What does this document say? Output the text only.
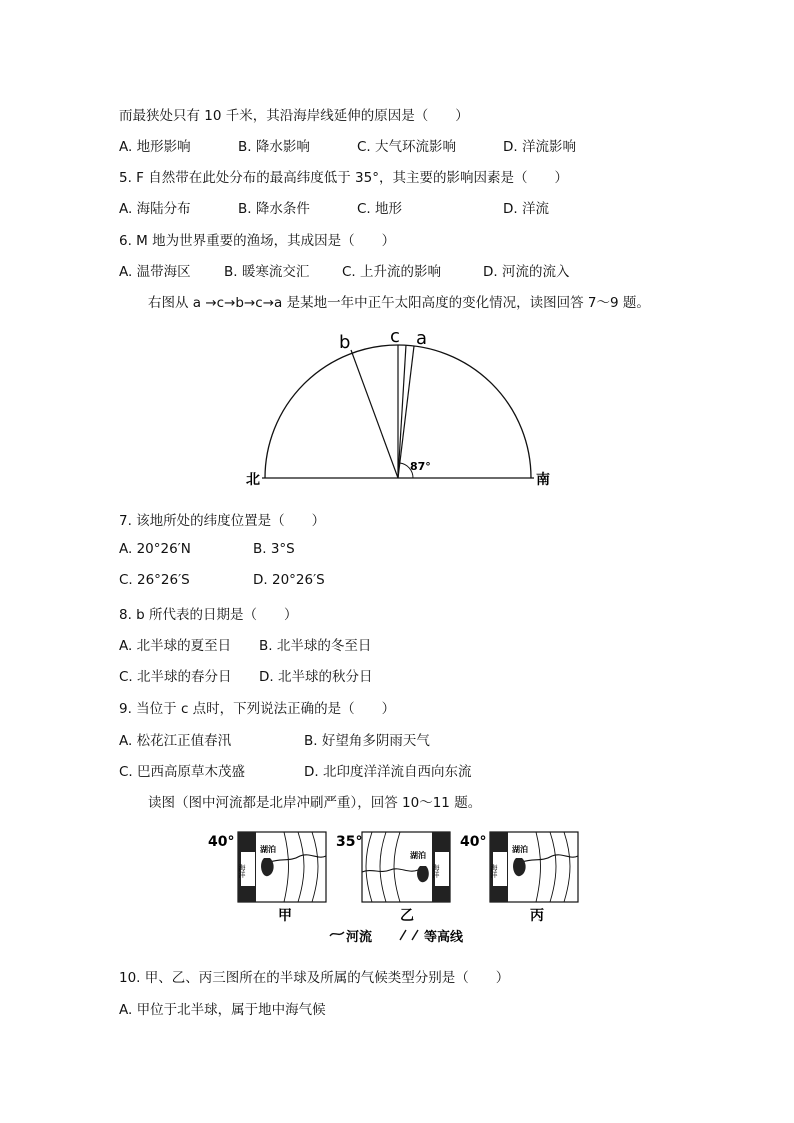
而最狭处只有 10 千米，其沿海岸线延伸的原因是（　　）
A. 地形影响	B. 降水影响	C. 大气环流影响	D. 洋流影响
5. F 自然带在此处分布的最高纬度低于 35°，其主要的影响因素是（　　）
A. 海陆分布	B. 降水条件	C. 地形	D. 洋流
6. M 地为世界重要的渔场，其成因是（　　）
A. 温带海区 B. 暖寒流交汇 C. 上升流的影响	D. 河流的流入
右图从 a →c→b→c→a 是某地一年中正午太阳高度的变化情况，读图回答 7～9 题。
87°
b c a
北	南
7. 该地所处的纬度位置是（　　）
A. 20°26′N	B. 3°S
C. 26°26′S	D. 20°26′S
8. b 所代表的日期是（　　）
A. 北半球的夏至日 B. 北半球的冬至日
C. 北半球的春分日 D. 北半球的秋分日
9. 当位于 c 点时，下列说法正确的是（　　）
A. 松花江正值春汛	B. 好望角多阴雨天气
C. 巴西高原草木茂盛	D. 北印度洋洋流自西向东流
读图（图中河流都是北岸冲刷严重），回答 10～11 题。
40°
海洋
湖泊
甲
35°
海洋
湖泊
乙
40°
海洋
湖泊
丙
河流	等高线
10. 甲、乙、丙三图所在的半球及所属的气候类型分别是（　　）
A. 甲位于北半球，属于地中海气候
